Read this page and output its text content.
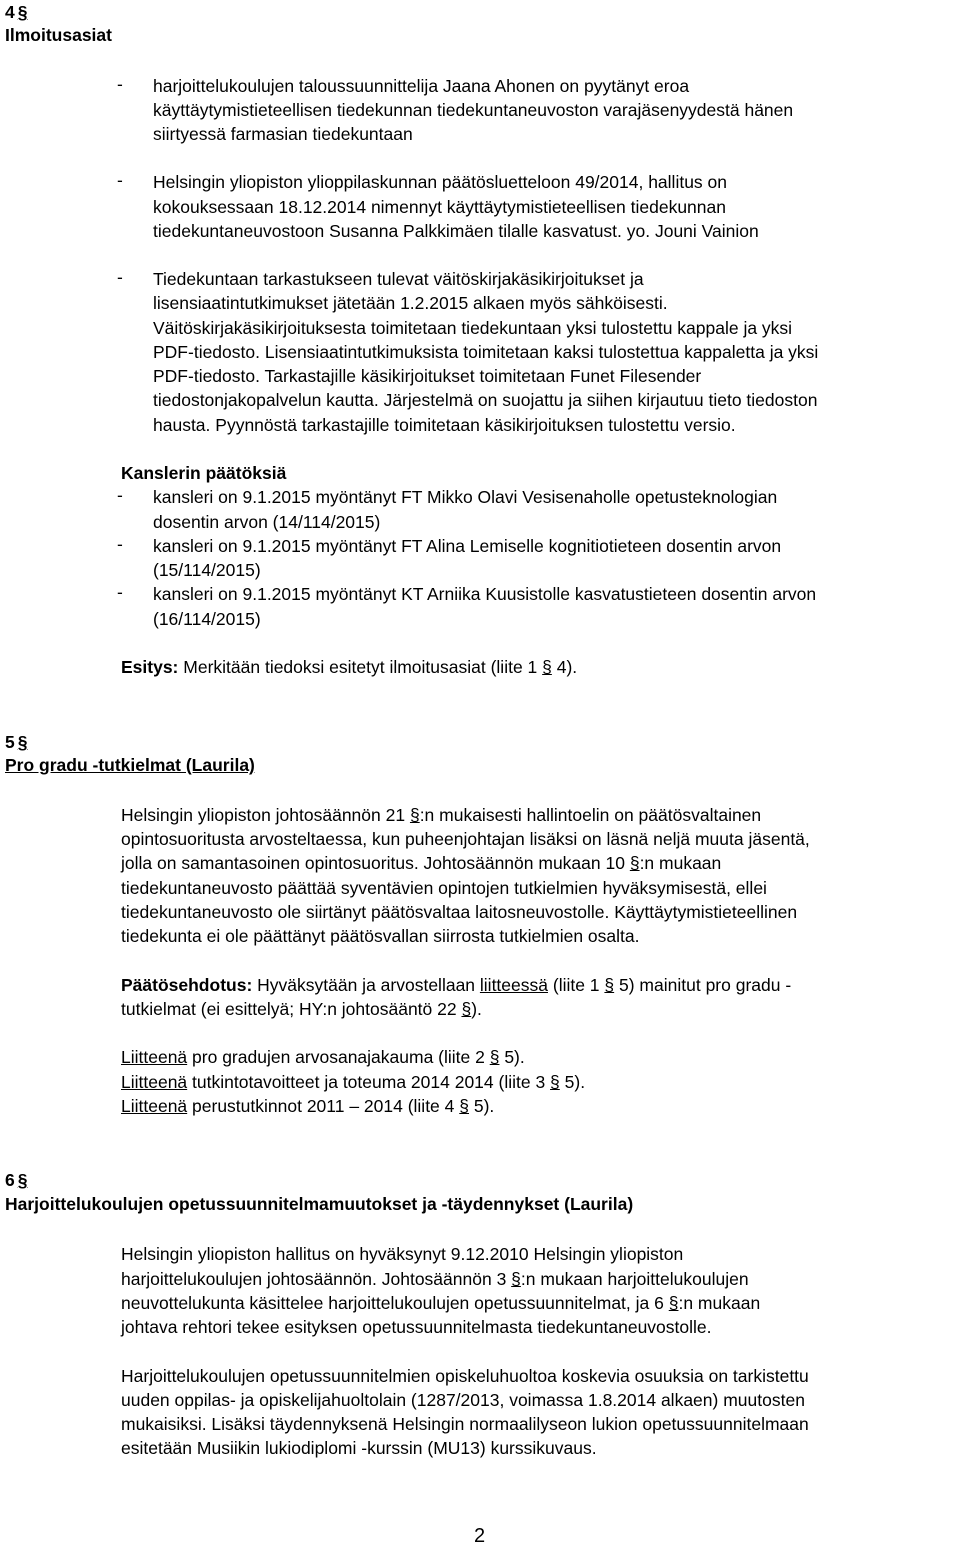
4 §
Ilmoitusasiat
- harjoittelukoulujen taloussuunnittelija Jaana Ahonen on pyytänyt eroa
käyttäytymistieteellisen tiedekunnan tiedekuntaneuvoston varajäsenyydestä hänen
siirtyessä farmasian tiedekuntaan
- Helsingin yliopiston ylioppilaskunnan päätösluetteloon 49/2014, hallitus on
kokouksessaan 18.12.2014 nimennyt käyttäytymistieteellisen tiedekunnan
tiedekuntaneuvostoon Susanna Palkkimäen tilalle kasvatust. yo. Jouni Vainion
- Tiedekuntaan tarkastukseen tulevat väitöskirjakäsikirjoitukset ja
lisensiaatintutkimukset jätetään 1.2.2015 alkaen myös sähköisesti.
Väitöskirjakäsikirjoituksesta toimitetaan tiedekuntaan yksi tulostettu kappale ja yksi
PDF-tiedosto. Lisensiaatintutkimuksista toimitetaan kaksi tulostettua kappaletta ja yksi
PDF-tiedosto. Tarkastajille käsikirjoitukset toimitetaan Funet Filesender
tiedostonjakopalvelun kautta. Järjestelmä on suojattu ja siihen kirjautuu tieto tiedoston
hausta. Pyynnöstä tarkastajille toimitetaan käsikirjoituksen tulostettu versio.
Kanslerin päätöksiä
- kansleri on 9.1.2015 myöntänyt FT Mikko Olavi Vesisenaholle opetusteknologian
dosentin arvon (14/114/2015)
- kansleri on 9.1.2015 myöntänyt FT Alina Lemiselle kognitiotieteen dosentin arvon
(15/114/2015)
- kansleri on 9.1.2015 myöntänyt KT Arniika Kuusistolle kasvatustieteen dosentin arvon
(16/114/2015)
Esitys: Merkitään tiedoksi esitetyt ilmoitusasiat (liite 1 § 4).
5 §
Pro gradu -tutkielmat (Laurila)
Helsingin yliopiston johtosäännön 21 §:n mukaisesti hallintoelin on päätösvaltainen
opintosuoritusta arvosteltaessa, kun puheenjohtajan lisäksi on läsnä neljä muuta jäsentä,
jolla on samantasoinen opintosuoritus. Johtosäännön mukaan 10 §:n mukaan
tiedekuntaneuvosto päättää syventävien opintojen tutkielmien hyväksymisestä, ellei
tiedekuntaneuvosto ole siirtänyt päätösvaltaa laitosneuvostolle. Käyttäytymistieteellinen
tiedekunta ei ole päättänyt päätösvallan siirrosta tutkielmien osalta.
Päätösehdotus: Hyväksytään ja arvostellaan liitteessä (liite 1 § 5) mainitut pro gradu -
tutkielmat (ei esittelyä; HY:n johtosääntö 22 §).
Liitteenä pro gradujen arvosanajakauma (liite 2 § 5).
Liitteenä tutkintotavoitteet ja toteuma 2014 2014 (liite 3 § 5).
Liitteenä perustutkinnot 2011 – 2014 (liite 4 § 5).
6 §
Harjoittelukoulujen opetussuunnitelmamuutokset ja -täydennykset (Laurila)
Helsingin yliopiston hallitus on hyväksynyt 9.12.2010 Helsingin yliopiston
harjoittelukoulujen johtosäännön. Johtosäännön 3 §:n mukaan harjoittelukoulujen
neuvottelukunta käsittelee harjoittelukoulujen opetussuunnitelmat, ja 6 §:n mukaan
johtava rehtori tekee esityksen opetussuunnitelmasta tiedekuntaneuvostolle.
Harjoittelukoulujen opetussuunnitelmien opiskeluhuoltoa koskevia osuuksia on tarkistettu
uuden oppilas- ja opiskelijahuoltolain (1287/2013, voimassa 1.8.2014 alkaen) muutosten
mukaisiksi. Lisäksi täydennyksenä Helsingin normaalilyseon lukion opetussuunnitelmaan
esitetään Musiikin lukiodiplomi -kurssin (MU13) kurssikuvaus.
2
